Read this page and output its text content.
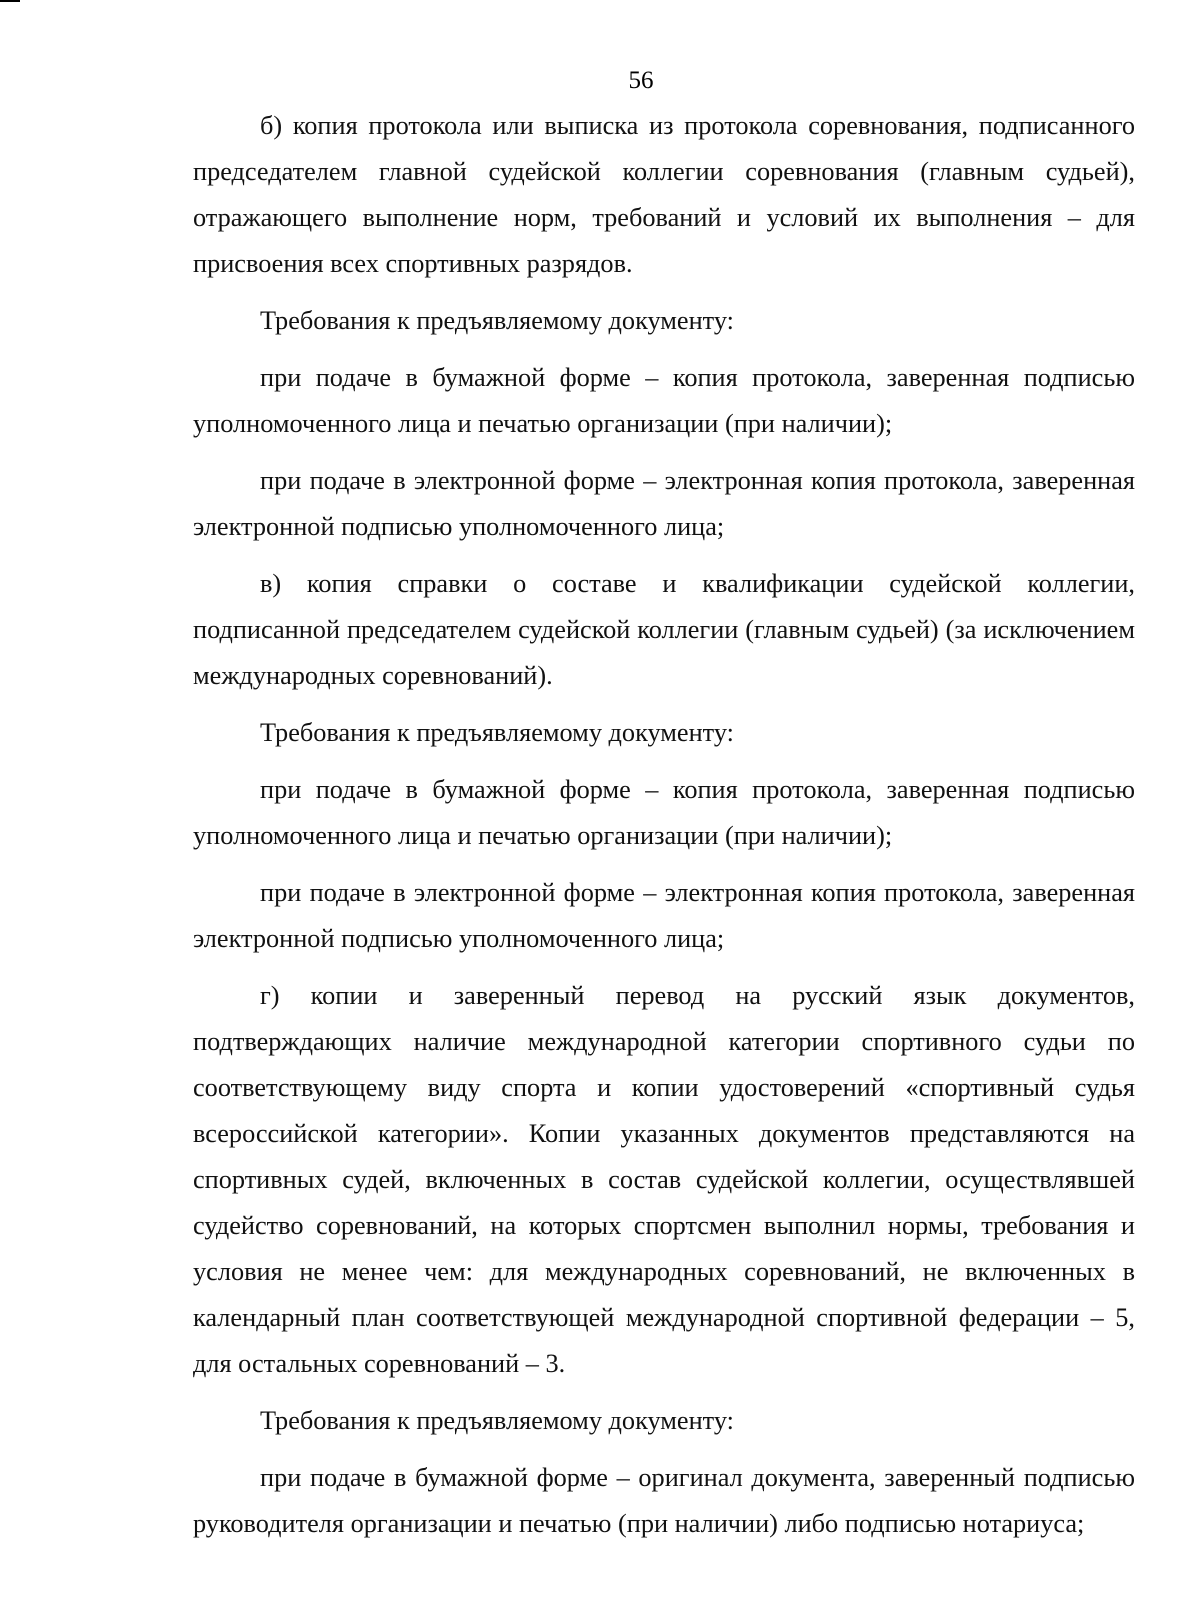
56

б) копия протокола или выписка из протокола соревнования, подписанного председателем главной судейской коллегии соревнования (главным судьей), отражающего выполнение норм, требований и условий их выполнения – для присвоения всех спортивных разрядов.

Требования к предъявляемому документу:

при подаче в бумажной форме – копия протокола, заверенная подписью уполномоченного лица и печатью организации (при наличии);

при подаче в электронной форме – электронная копия протокола, заверенная электронной подписью уполномоченного лица;

в) копия справки о составе и квалификации судейской коллегии, подписанной председателем судейской коллегии (главным судьей) (за исключением международных соревнований).

Требования к предъявляемому документу:

при подаче в бумажной форме – копия протокола, заверенная подписью уполномоченного лица и печатью организации (при наличии);

при подаче в электронной форме – электронная копия протокола, заверенная электронной подписью уполномоченного лица;

г) копии и заверенный перевод на русский язык документов, подтверждающих наличие международной категории спортивного судьи по соответствующему виду спорта и копии удостоверений «спортивный судья всероссийской категории». Копии указанных документов представляются на спортивных судей, включенных в состав судейской коллегии, осуществлявшей судейство соревнований, на которых спортсмен выполнил нормы, требования и условия не менее чем: для международных соревнований, не включенных в календарный план соответствующей международной спортивной федерации – 5, для остальных соревнований – 3.

Требования к предъявляемому документу:

при подаче в бумажной форме – оригинал документа, заверенный подписью руководителя организации и печатью (при наличии) либо подписью нотариуса;
